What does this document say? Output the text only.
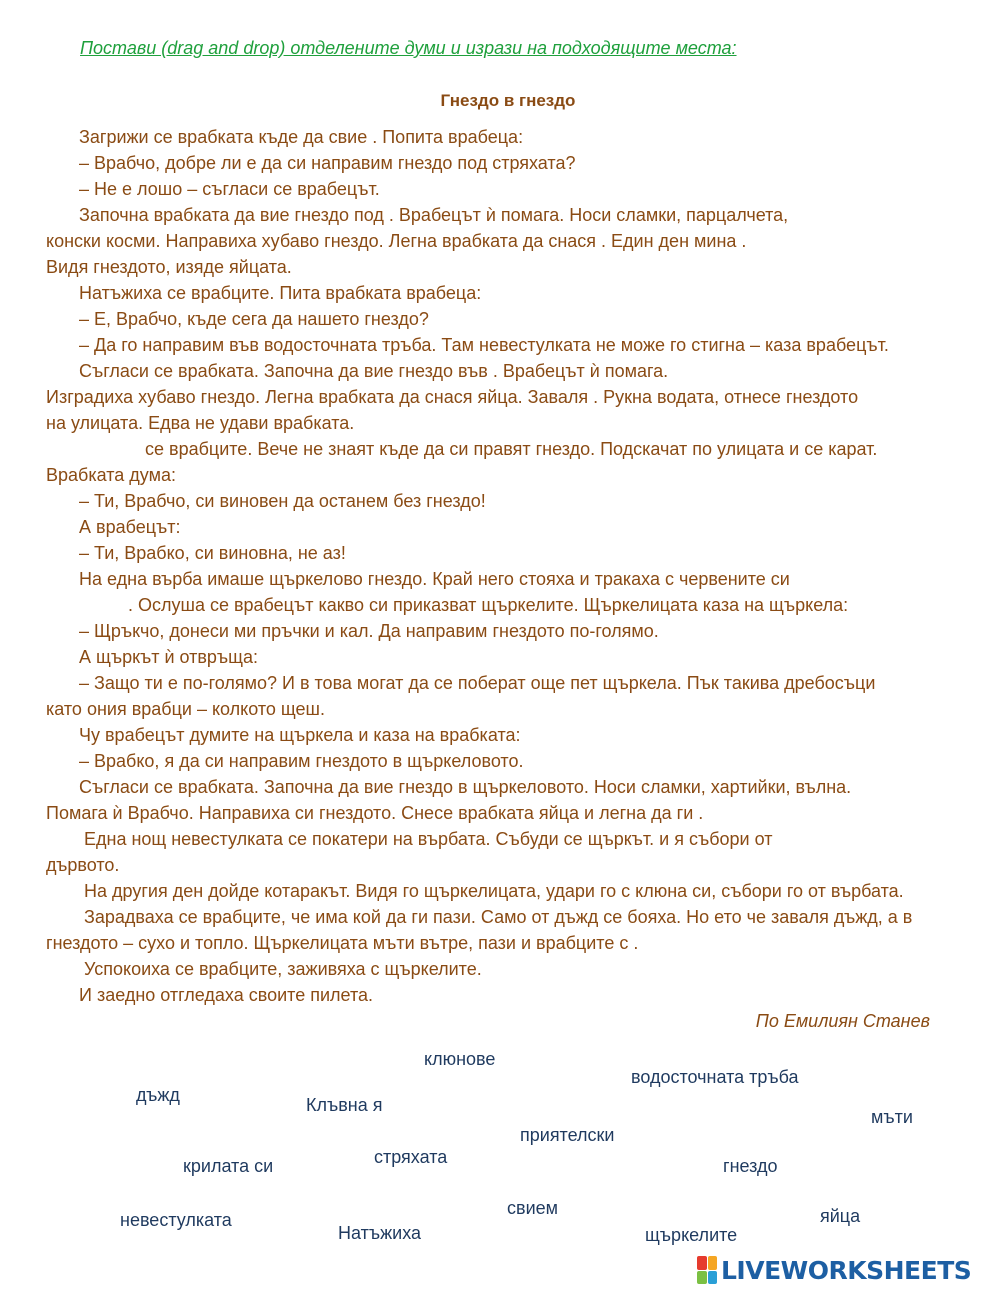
Постави (drag and drop) отделените думи и изрази на подходящите места:
Гнездо в гнездо
Загрижи се врабката къде да свие . Попита врабеца:
– Врабчо, добре ли е да си направим гнездо под стряхата?
– Не е лошо – съгласи се врабецът.
Започна врабката да вие гнездо под . Врабецът ѝ помага. Носи сламки, парцалчета,
конски косми. Направиха хубаво гнездо. Легна врабката да снася . Един ден мина .
Видя гнездото, изяде яйцата.
Натъжиха се врабците. Пита врабката врабеца:
– Е, Врабчо, къде сега да нашето гнездо?
– Да го направим във водосточната тръба. Там невестулката не може го стигна – каза врабецът.
Съгласи се врабката. Започна да вие гнездо във . Врабецът ѝ помага.
Изградиха хубаво гнездо. Легна врабката да снася яйца. Заваля . Рукна водата, отнесе гнездото
на улицата. Едва не удави врабката.
се врабците. Вече не знаят къде да си правят гнездо. Подскачат по улицата и се карат.
Врабката дума:
– Ти, Врабчо, си виновен да останем без гнездо!
А врабецът:
– Ти, Врабко, си виновна, не аз!
На една върба имаше щъркелово гнездо. Край него стояха и тракаха с червените си
. Ослуша се врабецът какво си приказват щъркелите. Щъркелицата каза на щъркела:
– Щръкчо, донеси ми пръчки и кал. Да направим гнездото по-голямо.
А щъркът ѝ отвръща:
– Защо ти е по-голямо? И в това могат да се поберат още пет щъркела. Пък такива дребосъци
като ония врабци – колкото щеш.
Чу врабецът думите на щъркела и каза на врабката:
– Врабко, я да си направим гнездото в щъркеловото.
Съгласи се врабката. Започна да вие гнездо в щъркеловото. Носи сламки, хартийки, вълна.
Помага ѝ Врабчо. Направиха си гнездото. Снесе врабката яйца и легна да ги .
Една нощ невестулката се покатери на върбата. Събуди се щъркът. и я събори от
дървото.
На другия ден дойде котаракът. Видя го щъркелицата, удари го с клюна си, събори го от върбата.
Зарадваха се врабците, че има кой да ги пази. Само от дъжд се бояха. Но ето че заваля дъжд, а в
гнездото – сухо и топло. Щъркелицата мъти вътре, пази и врабците с .
Успокоиха се врабците, заживяха с щъркелите.
И заедно отгледаха своите пилета.
По Емилиян Станев
клюнове
водосточната тръба
дъжд	Клъвна я
мъти
приятелски
крилата си	стряхата	гнездо
свием
невестулката	яйца
Натъжиха	щъркелите
LIVEWORKSHEETS
